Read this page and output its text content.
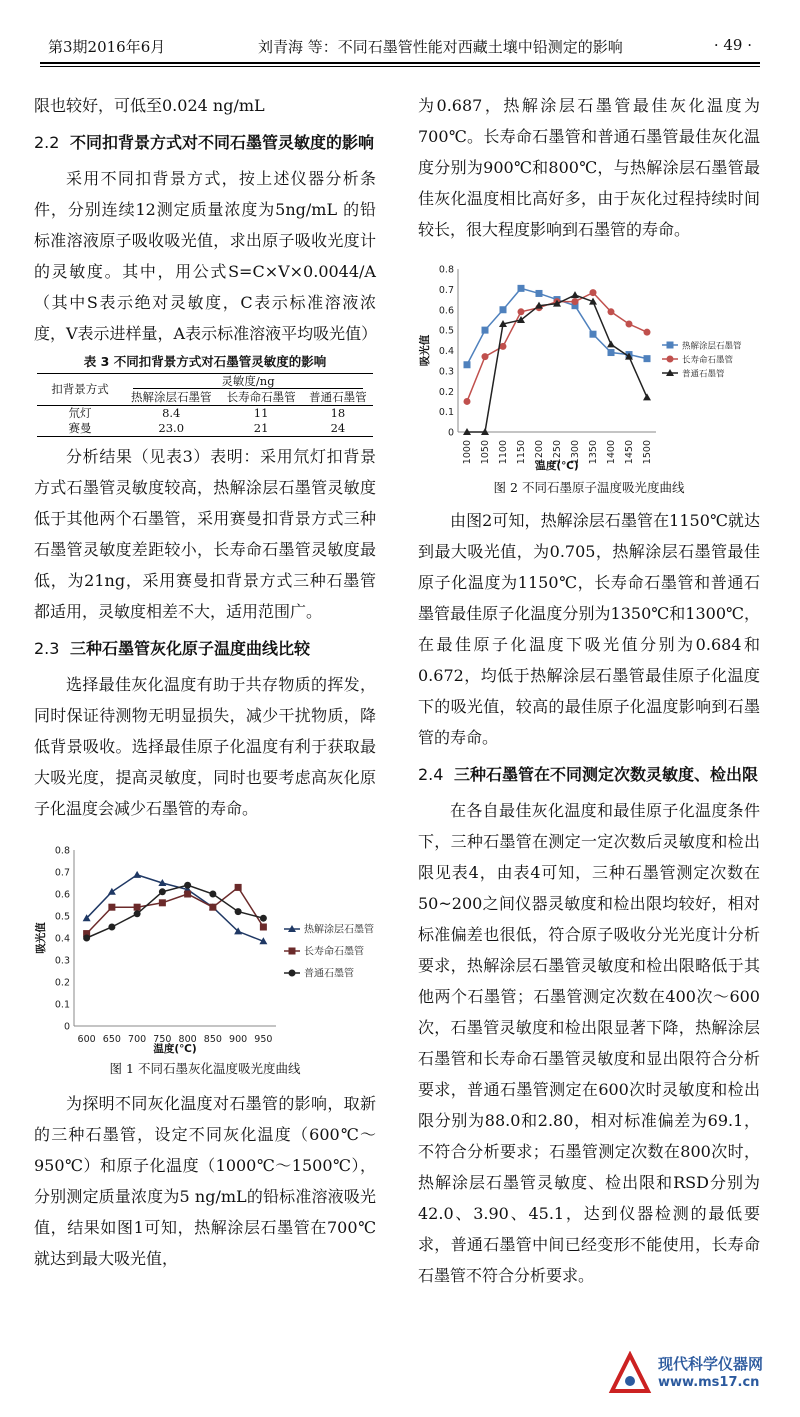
第3期2016年6月	刘青海 等：不同石墨管性能对西藏土壤中铅测定的影响	· 49 ·

限也较好，可低至0.024 ng/mL

2.2 不同扣背景方式对不同石墨管灵敏度的影响

采用不同扣背景方式，按上述仪器分析条件，分别连续12测定质量浓度为5ng/mL 的铅标准溶液原子吸收吸光值，求出原子吸收光度计的灵敏度。其中，用公式S=C×V×0.0044/A（其中S表示绝对灵敏度，C表示标准溶液浓度，V表示进样量，A表示标准溶液平均吸光值）

表 3 不同扣背景方式对石墨管灵敏度的影响
扣背景方式	灵敏度/ng		
	热解涂层石墨管	长寿命石墨管	普通石墨管
氘灯	8.4	11	18
赛曼	23.0	21	24

分析结果（见表3）表明：采用氘灯扣背景方式石墨管灵敏度较高，热解涂层石墨管灵敏度低于其他两个石墨管，采用赛曼扣背景方式三种石墨管灵敏度差距较小，长寿命石墨管灵敏度最低，为21ng，采用赛曼扣背景方式三种石墨管都适用，灵敏度相差不大，适用范围广。

2.3 三种石墨管灰化原子温度曲线比较

选择最佳灰化温度有助于共存物质的挥发，同时保证待测物无明显损失，减少干扰物质，降低背景吸收。选择最佳原子化温度有利于获取最大吸光度，提高灵敏度，同时也要考虑高灰化原子化温度会减少石墨管的寿命。

0
0.1
0.2
0.3
0.4
0.5
0.6
0.7
0.8
600 650 700 750 800 850 900 950
温度(℃)
吸光值	热解涂层石墨管
长寿命石墨管
普通石墨管
图 1 不同石墨灰化温度吸光度曲线

为探明不同灰化温度对石墨管的影响，取新的三种石墨管，设定不同灰化温度（600℃～950℃）和原子化温度（1000℃～1500℃），分别测定质量浓度为5 ng/mL的铅标准溶液吸光值，结果如图1可知，热解涂层石墨管在700℃就达到最大吸光值，

为0.687，热解涂层石墨管最佳灰化温度为700℃。长寿命石墨管和普通石墨管最佳灰化温度分别为900℃和800℃，与热解涂层石墨管最佳灰化温度相比高好多，由于灰化过程持续时间较长，很大程度影响到石墨管的寿命。

0
0.1
0.2
0.3
0.4
0.5
0.6
0.7
0.8
1000 1050 1100 1150 1200 1250 1300 1350 1400 1450 1500
温度(℃)
吸光值	热解涂层石墨管
长寿命石墨管
普通石墨管
图 2 不同石墨原子温度吸光度曲线

由图2可知，热解涂层石墨管在1150℃就达到最大吸光值，为0.705，热解涂层石墨管最佳原子化温度为1150℃，长寿命石墨管和普通石墨管最佳原子化温度分别为1350℃和1300℃，在最佳原子化温度下吸光值分别为0.684和0.672，均低于热解涂层石墨管最佳原子化温度下的吸光值，较高的最佳原子化温度影响到石墨管的寿命。

2.4 三种石墨管在不同测定次数灵敏度、检出限

在各自最佳灰化温度和最佳原子化温度条件下，三种石墨管在测定一定次数后灵敏度和检出限见表4，由表4可知，三种石墨管测定次数在50~200之间仪器灵敏度和检出限均较好，相对标准偏差也很低，符合原子吸收分光光度计分析要求，热解涂层石墨管灵敏度和检出限略低于其他两个石墨管；石墨管测定次数在400次～600次，石墨管灵敏度和检出限显著下降，热解涂层石墨管和长寿命石墨管灵敏度和显出限符合分析要求，普通石墨管测定在600次时灵敏度和检出限分别为88.0和2.80，相对标准偏差为69.1，不符合分析要求；石墨管测定次数在800次时，热解涂层石墨管灵敏度、检出限和RSD分别为42.0、3.90、45.1，达到仪器检测的最低要求，普通石墨管中间已经变形不能使用，长寿命石墨管不符合分析要求。

现代科学仪器网
www.ms17.cn
